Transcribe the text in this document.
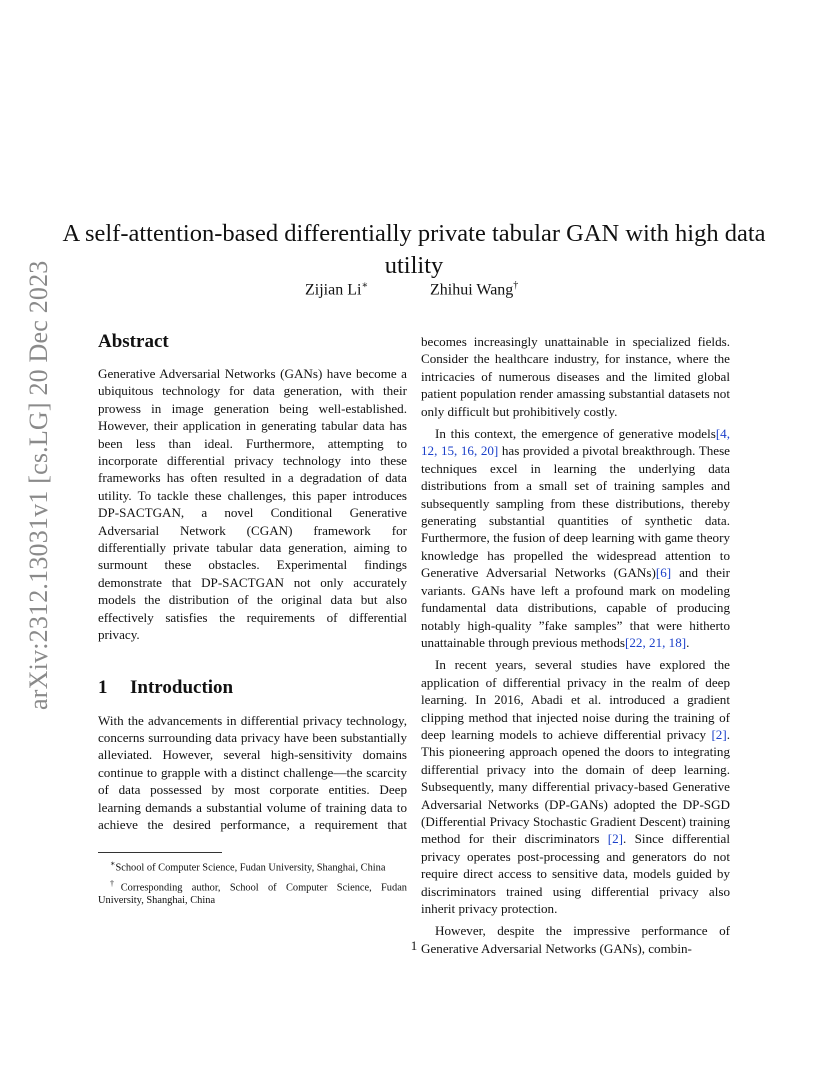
arXiv:2312.13031v1 [cs.LG] 20 Dec 2023
A self-attention-based differentially private tabular GAN with high data utility
Zijian Li∗	Zhihui Wang†
Abstract

Generative Adversarial Networks (GANs) have become a ubiquitous technology for data generation, with their prowess in image generation being well-established. However, their application in generating tabular data has been less than ideal. Furthermore, attempting to incorporate differential privacy technology into these frameworks has often resulted in a degradation of data utility. To tackle these challenges, this paper introduces DP-SACTGAN, a novel Conditional Generative Adversarial Network (CGAN) framework for differentially private tabular data generation, aiming to surmount these obstacles. Experimental findings demonstrate that DP-SACTGAN not only accurately models the distribution of the original data but also effectively satisfies the requirements of differential privacy.

1 Introduction

With the advancements in differential privacy technology, concerns surrounding data privacy have been substantially alleviated. However, several high-sensitivity domains continue to grapple with a distinct challenge—the scarcity of data possessed by most corporate entities. Deep learning demands a substantial volume of training data to achieve the desired performance, a requirement that

becomes increasingly unattainable in specialized fields. Consider the healthcare industry, for instance, where the intricacies of numerous diseases and the limited global patient population render amassing substantial datasets not only difficult but prohibitively costly.

In this context, the emergence of generative models[4, 12, 15, 16, 20] has provided a pivotal breakthrough. These techniques excel in learning the underlying data distributions from a small set of training samples and subsequently sampling from these distributions, thereby generating substantial quantities of synthetic data. Furthermore, the fusion of deep learning with game theory knowledge has propelled the widespread attention to Generative Adversarial Networks (GANs)[6] and their variants. GANs have left a profound mark on modeling fundamental data distributions, capable of producing notably high-quality ”fake samples” that were hitherto unattainable through previous methods[22, 21, 18].

In recent years, several studies have explored the application of differential privacy in the realm of deep learning. In 2016, Abadi et al. introduced a gradient clipping method that injected noise during the training of deep learning models to achieve differential privacy [2]. This pioneering approach opened the doors to integrating differential privacy into the domain of deep learning. Subsequently, many differential privacy-based Generative Adversarial Networks (DP-GANs) adopted the DP-SGD (Differential Privacy Stochastic Gradient Descent) training method for their discriminators [2]. Since differential privacy operates post-processing and generators do not require direct access to sensitive data, models guided by discriminators trained using differential privacy also inherit privacy protection.

However, despite the impressive performance of Generative Adversarial Networks (GANs), combin-

∗School of Computer Science, Fudan University, Shanghai, China

†Corresponding author, School of Computer Science, Fudan University, Shanghai, China

1
